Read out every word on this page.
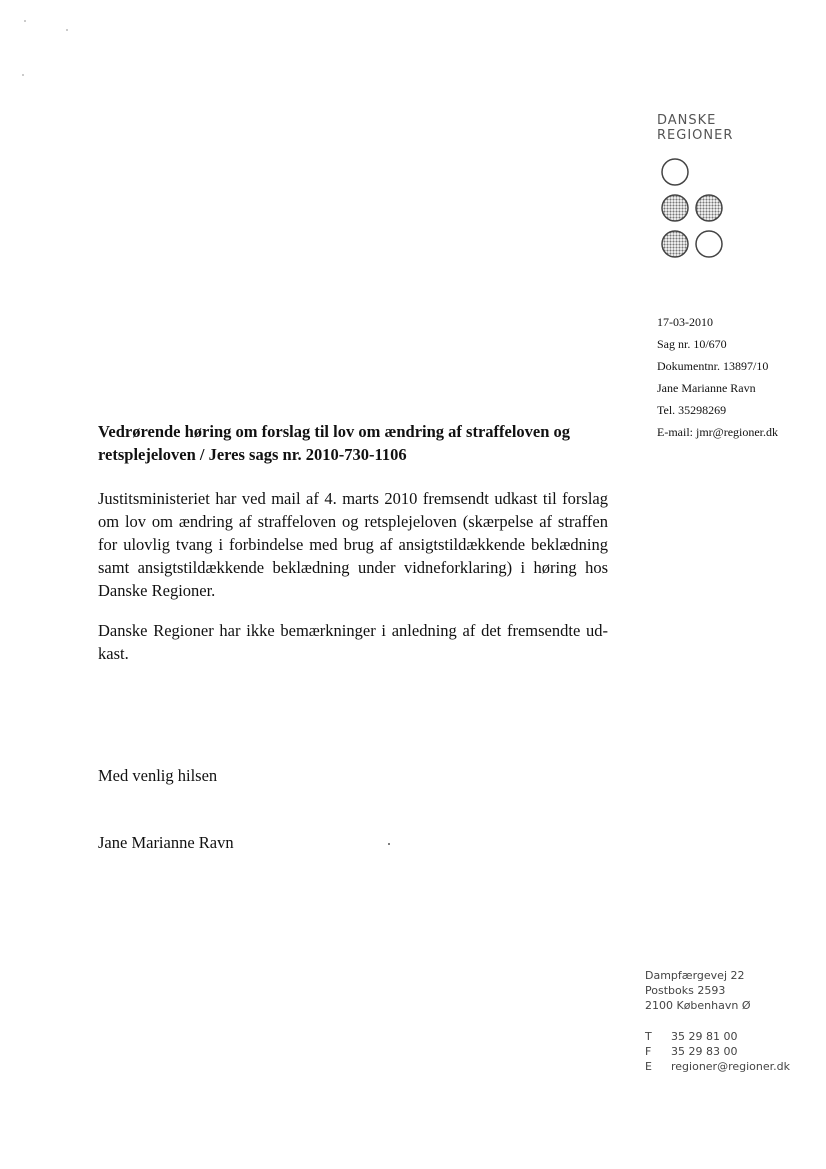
DANSKE
REGIONER
17-03-2010
Sag nr. 10/670
Dokumentnr. 13897/10
Jane Marianne Ravn
Tel. 35298269
E-mail: jmr@regioner.dk
Vedrørende høring om forslag til lov om ændring af straffeloven og retsplejeloven / Jeres sags nr. 2010-730-1106
Justitsministeriet har ved mail af 4. marts 2010 fremsendt udkast til forslag om lov om ændring af straffeloven og retsplejeloven (skærpelse af straffen for ulovlig tvang i forbindelse med brug af ansigtstildækkende beklædning samt ansigtstildækkende beklædning under vidneforklaring) i høring hos Danske Regioner.
Danske Regioner har ikke bemærkninger i anledning af det fremsendte ud-kast.
Med venlig hilsen
Jane Marianne Ravn
Dampfærgevej 22
Postboks 2593
2100 København Ø
T 35 29 81 00
F 35 29 83 00
E regioner@regioner.dk
